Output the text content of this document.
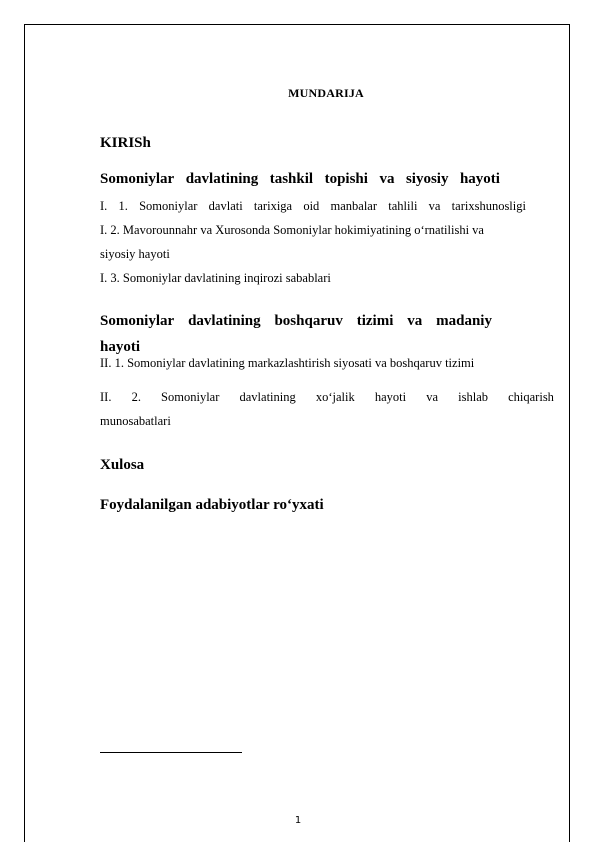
MUNDARIJA
KIRISh
Somoniylar davlatining tashkil topishi va siyosiy hayoti
I. 1. Somoniylar davlati tarixiga oid manbalar tahlili va tarixshunosligi
I. 2. Mavorounnahr va Xurosonda Somoniylar hokimiyatining o‘rnatilishi va
siyosiy hayoti
I. 3. Somoniylar davlatining inqirozi sabablari
Somoniylar davlatining boshqaruv tizimi va madaniy
hayoti
II. 1. Somoniylar davlatining markazlashtirish siyosati va boshqaruv tizimi
II. 2. Somoniylar davlatining xo‘jalik hayoti va ishlab chiqarish
munosabatlari
Xulosa
Foydalanilgan adabiyotlar ro‘yxati
1
